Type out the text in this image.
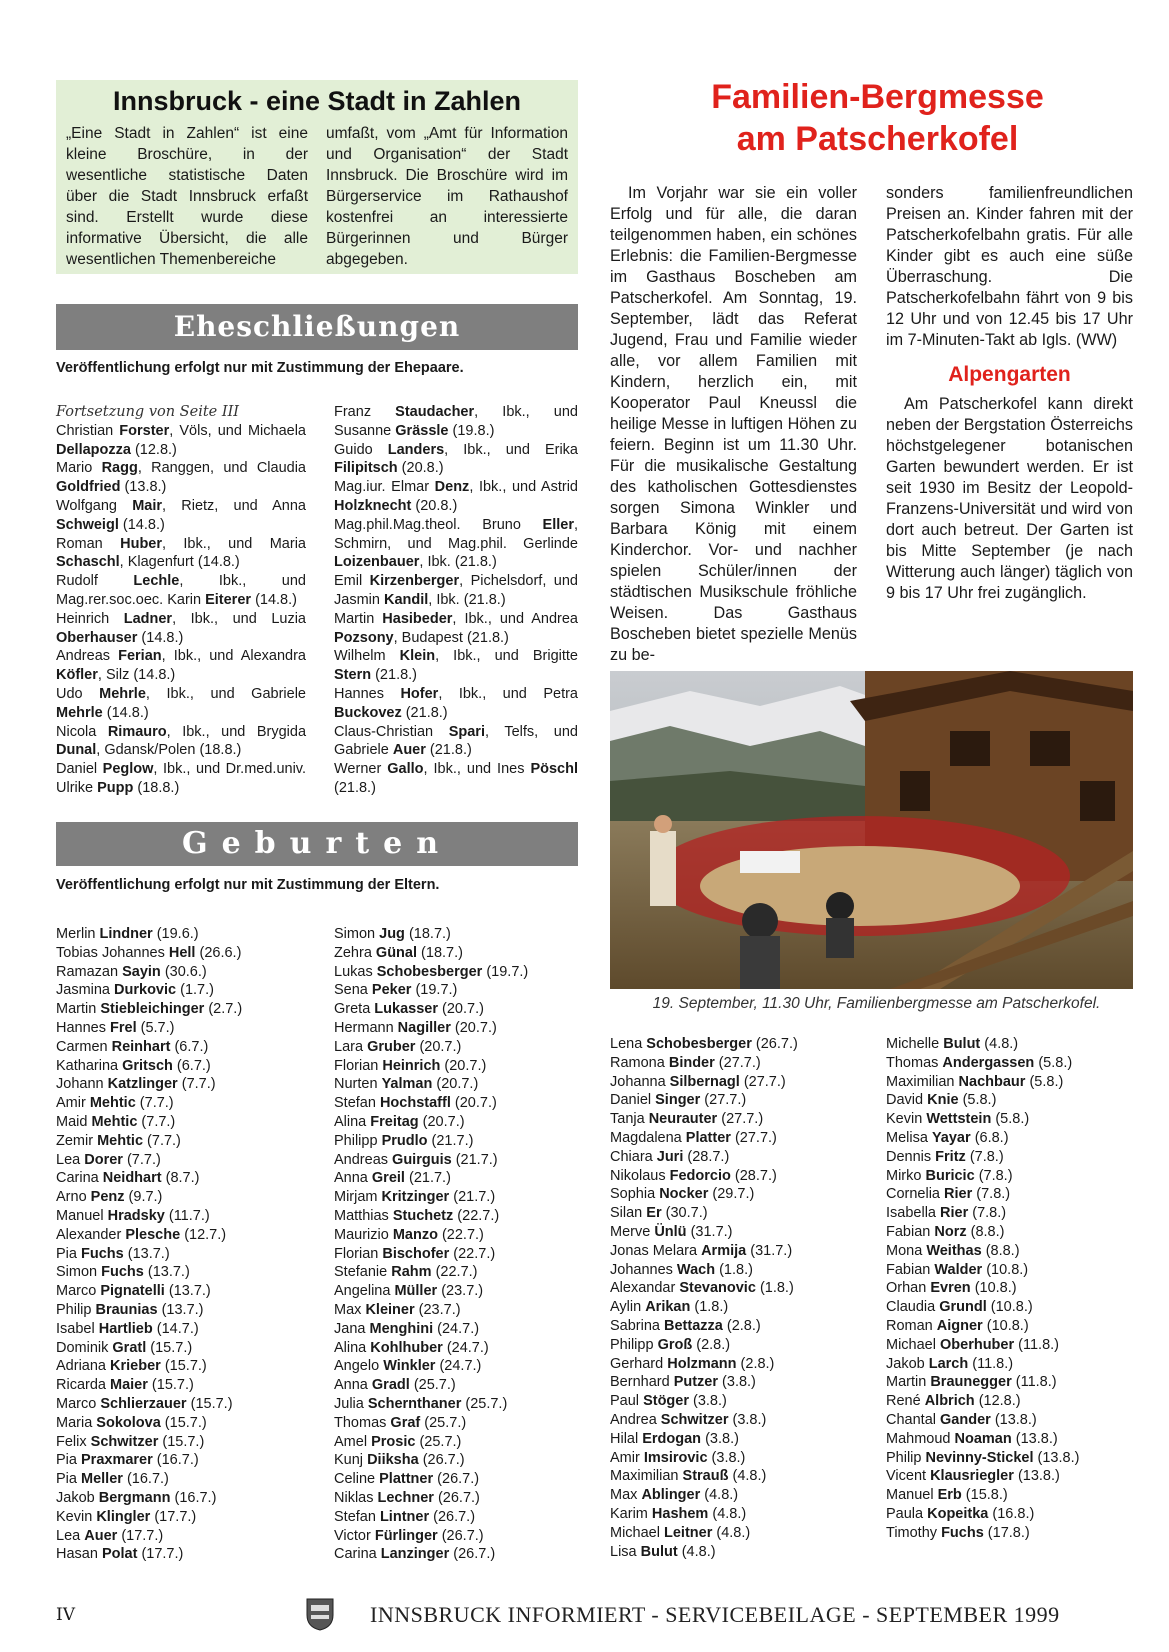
Innsbruck - eine Stadt in Zahlen
„Eine Stadt in Zahlen“ ist eine kleine Broschüre, in der wesentliche statistische Daten über die Stadt Innsbruck erfaßt sind. Erstellt wurde diese informative Übersicht, die alle wesentlichen Themenbereiche
umfaßt, vom „Amt für Information und Organisation“ der Stadt Innsbruck. Die Broschüre wird im Bürgerservice im Rathaushof kostenfrei an interessierte Bürgerinnen und Bürger abgegeben.
Eheschließungen
Veröffentlichung erfolgt nur mit Zustimmung der Ehepaare.
Fortsetzung von Seite III
Christian Forster, Völs, und Michaela Dellapozza (12.8.)
Mario Ragg, Ranggen, und Claudia Goldfried (13.8.)
Wolfgang Mair, Rietz, und Anna Schweigl (14.8.)
Roman Huber, Ibk., und Maria Schaschl, Klagenfurt (14.8.)
Rudolf Lechle, Ibk., und Mag.rer.soc.oec. Karin Eiterer (14.8.)
Heinrich Ladner, Ibk., und Luzia Oberhauser (14.8.)
Andreas Ferian, Ibk., und Alexandra Köfler, Silz (14.8.)
Udo Mehrle, Ibk., und Gabriele Mehrle (14.8.)
Nicola Rimauro, Ibk., und Brygida Dunal, Gdansk/Polen (18.8.)
Daniel Peglow, Ibk., und Dr.med.univ. Ulrike Pupp (18.8.)
Franz Staudacher, Ibk., und Susanne Grässle (19.8.)
Guido Landers, Ibk., und Erika Filipitsch (20.8.)
Mag.iur. Elmar Denz, Ibk., und Astrid Holzknecht (20.8.)
Mag.phil.Mag.theol. Bruno Eller, Schmirn, und Mag.phil. Gerlinde Loizenbauer, Ibk. (21.8.)
Emil Kirzenberger, Pichelsdorf, und Jasmin Kandil, Ibk. (21.8.)
Martin Hasibeder, Ibk., und Andrea Pozsony, Budapest (21.8.)
Wilhelm Klein, Ibk., und Brigitte Stern (21.8.)
Hannes Hofer, Ibk., und Petra Buckovez (21.8.)
Claus-Christian Spari, Telfs, und Gabriele Auer (21.8.)
Werner Gallo, Ibk., und Ines Pöschl (21.8.)
Geburten
Veröffentlichung erfolgt nur mit Zustimmung der Eltern.
Merlin Lindner (19.6.)
Tobias Johannes Hell (26.6.)
Ramazan Sayin (30.6.)
Jasmina Durkovic (1.7.)
Martin Stiebleichinger (2.7.)
Hannes Frel (5.7.)
Carmen Reinhart (6.7.)
Katharina Gritsch (6.7.)
Johann Katzlinger (7.7.)
Amir Mehtic (7.7.)
Maid Mehtic (7.7.)
Zemir Mehtic (7.7.)
Lea Dorer (7.7.)
Carina Neidhart (8.7.)
Arno Penz (9.7.)
Manuel Hradsky (11.7.)
Alexander Plesche (12.7.)
Pia Fuchs (13.7.)
Simon Fuchs (13.7.)
Marco Pignatelli (13.7.)
Philip Braunias (13.7.)
Isabel Hartlieb (14.7.)
Dominik Gratl (15.7.)
Adriana Krieber (15.7.)
Ricarda Maier (15.7.)
Marco Schlierzauer (15.7.)
Maria Sokolova (15.7.)
Felix Schwitzer (15.7.)
Pia Praxmarer (16.7.)
Pia Meller (16.7.)
Jakob Bergmann (16.7.)
Kevin Klingler (17.7.)
Lea Auer (17.7.)
Hasan Polat (17.7.)
Simon Jug (18.7.)
Zehra Günal (18.7.)
Lukas Schobesberger (19.7.)
Sena Peker (19.7.)
Greta Lukasser (20.7.)
Hermann Nagiller (20.7.)
Lara Gruber (20.7.)
Florian Heinrich (20.7.)
Nurten Yalman (20.7.)
Stefan Hochstaffl (20.7.)
Alina Freitag (20.7.)
Philipp Prudlo (21.7.)
Andreas Guirguis (21.7.)
Anna Greil (21.7.)
Mirjam Kritzinger (21.7.)
Matthias Stuchetz (22.7.)
Maurizio Manzo (22.7.)
Florian Bischofer (22.7.)
Stefanie Rahm (22.7.)
Angelina Müller (23.7.)
Max Kleiner (23.7.)
Jana Menghini (24.7.)
Alina Kohlhuber (24.7.)
Angelo Winkler (24.7.)
Anna Gradl (25.7.)
Julia Schernthaner (25.7.)
Thomas Graf (25.7.)
Amel Prosic (25.7.)
Kunj Diiksha (26.7.)
Celine Plattner (26.7.)
Niklas Lechner (26.7.)
Stefan Lintner (26.7.)
Victor Fürlinger (26.7.)
Carina Lanzinger (26.7.)
Lena Schobesberger (26.7.)
Ramona Binder (27.7.)
Johanna Silbernagl (27.7.)
Daniel Singer (27.7.)
Tanja Neurauter (27.7.)
Magdalena Platter (27.7.)
Chiara Juri (28.7.)
Nikolaus Fedorcio (28.7.)
Sophia Nocker (29.7.)
Silan Er (30.7.)
Merve Ünlü (31.7.)
Jonas Melara Armija (31.7.)
Johannes Wach (1.8.)
Alexandar Stevanovic (1.8.)
Aylin Arikan (1.8.)
Sabrina Bettazza (2.8.)
Philipp Groß (2.8.)
Gerhard Holzmann (2.8.)
Bernhard Putzer (3.8.)
Paul Stöger (3.8.)
Andrea Schwitzer (3.8.)
Hilal Erdogan (3.8.)
Amir Imsirovic (3.8.)
Maximilian Strauß (4.8.)
Max Ablinger (4.8.)
Karim Hashem (4.8.)
Michael Leitner (4.8.)
Lisa Bulut (4.8.)
Michelle Bulut (4.8.)
Thomas Andergassen (5.8.)
Maximilian Nachbaur (5.8.)
David Knie (5.8.)
Kevin Wettstein (5.8.)
Melisa Yayar (6.8.)
Dennis Fritz (7.8.)
Mirko Buricic (7.8.)
Cornelia Rier (7.8.)
Isabella Rier (7.8.)
Fabian Norz (8.8.)
Mona Weithas (8.8.)
Fabian Walder (10.8.)
Orhan Evren (10.8.)
Claudia Grundl (10.8.)
Roman Aigner (10.8.)
Michael Oberhuber (11.8.)
Jakob Larch (11.8.)
Martin Braunegger (11.8.)
René Albrich (12.8.)
Chantal Gander (13.8.)
Mahmoud Noaman (13.8.)
Philip Nevinny-Stickel (13.8.)
Vicent Klausriegler (13.8.)
Manuel Erb (15.8.)
Paula Kopeitka (16.8.)
Timothy Fuchs (17.8.)
Familien-Bergmesse
am Patscherkofel
Im Vorjahr war sie ein voller Erfolg und für alle, die daran teilgenommen haben, ein schönes Erlebnis: die Familien-Bergmesse im Gasthaus Boscheben am Patscherkofel. Am Sonntag, 19. September, lädt das Referat Jugend, Frau und Familie wieder alle, vor allem Familien mit Kindern, herzlich ein, mit Kooperator Paul Kneussl die heilige Messe in luftigen Höhen zu feiern. Beginn ist um 11.30 Uhr. Für die musikalische Gestaltung des katholischen Gottesdienstes sorgen Simona Winkler und Barbara König mit einem Kinderchor. Vor- und nachher spielen Schüler/innen der städtischen Musikschule fröhliche Weisen. Das Gasthaus Boscheben bietet spezielle Menüs zu be-
sonders familienfreundlichen Preisen an. Kinder fahren mit der Patscherkofelbahn gratis. Für alle Kinder gibt es auch eine süße Überraschung. Die Patscherkofelbahn fährt von 9 bis 12 Uhr und von 12.45 bis 17 Uhr im 7-Minuten-Takt ab Igls. (WW)
Alpengarten
Am Patscherkofel kann direkt neben der Bergstation Österreichs höchstgelegener botanischen Garten bewundert werden. Er ist seit 1930 im Besitz der Leopold-Franzens-Universität und wird von dort auch betreut. Der Garten ist bis Mitte September (je nach Witterung auch länger) täglich von 9 bis 17 Uhr frei zugänglich.
19. September, 11.30 Uhr, Familienbergmesse am Patscherkofel.
IV	INNSBRUCK INFORMIERT - SERVICEBEILAGE - SEPTEMBER 1999
